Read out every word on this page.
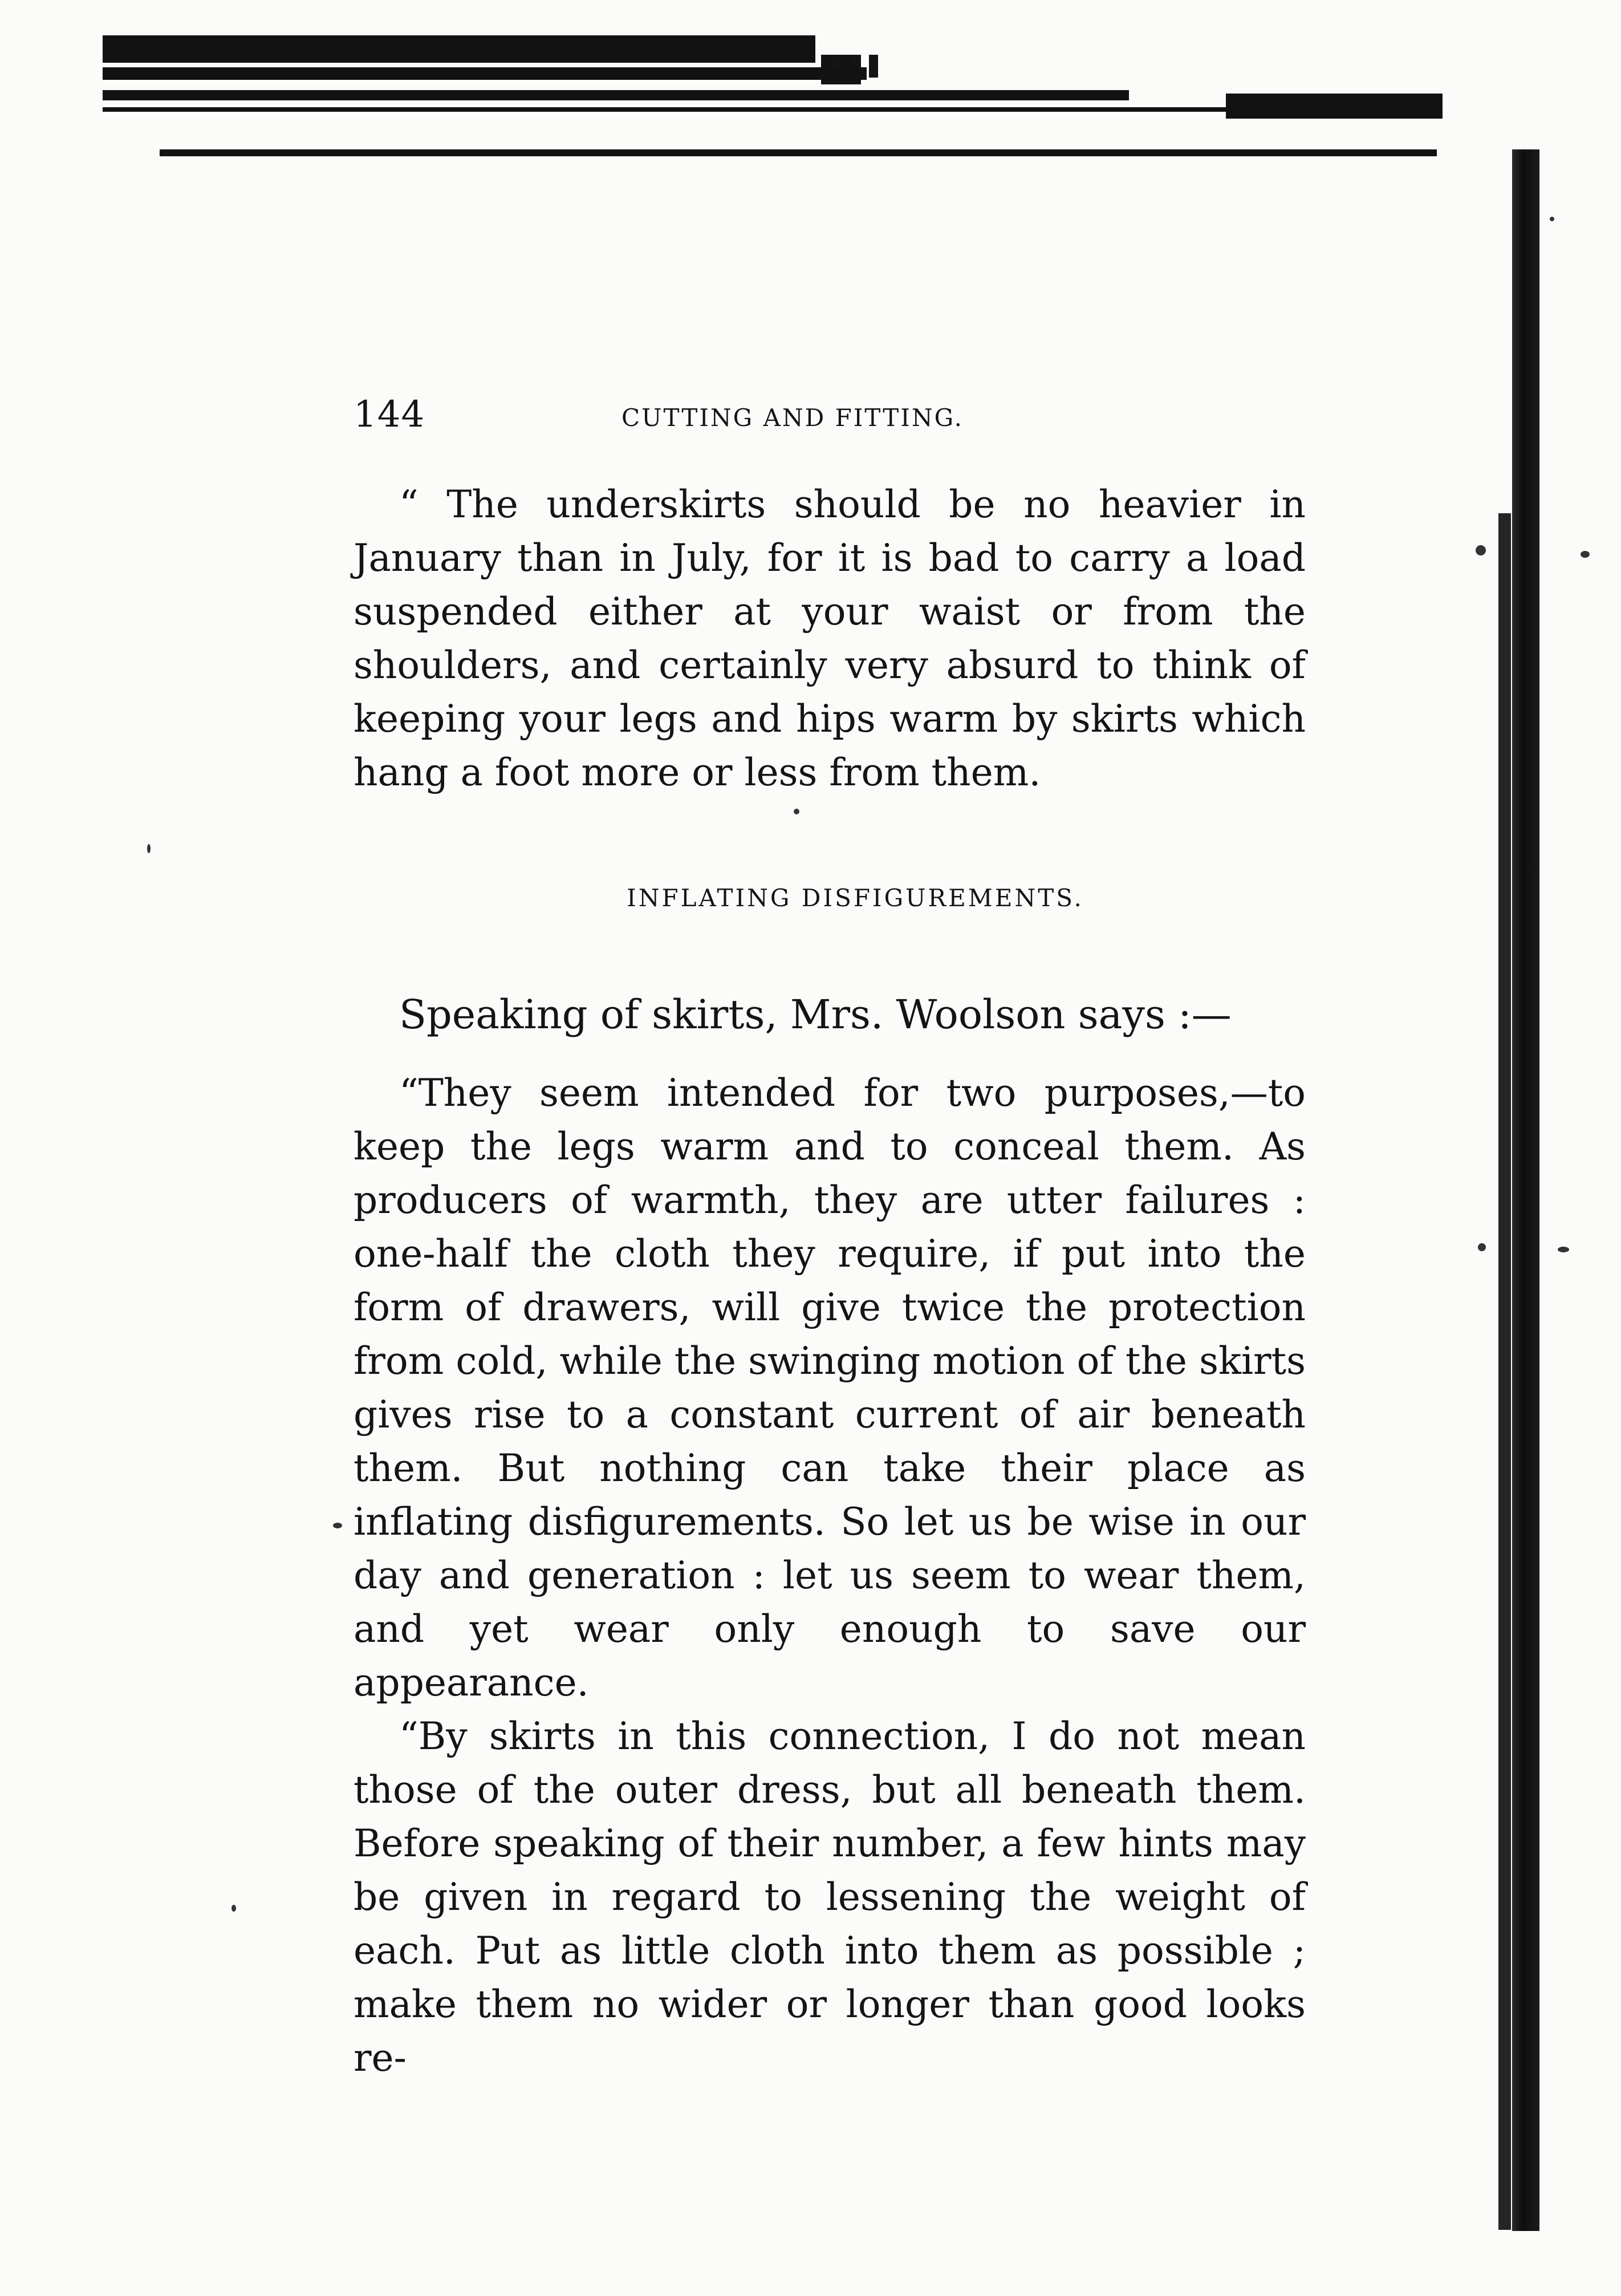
144	CUTTING AND FITTING.

“ The underskirts should be no heavier in January than in July, for it is bad to carry a load suspended either at your waist or from the shoulders, and certainly very absurd to think of keeping your legs and hips warm by skirts which hang a foot more or less from them.

INFLATING DISFIGUREMENTS.
Speaking of skirts, Mrs. Woolson says :—

“They seem intended for two purposes,—to keep the legs warm and to conceal them. As producers of warmth, they are utter failures : one-half the cloth they require, if put into the form of drawers, will give twice the protection from cold, while the swinging motion of the skirts gives rise to a constant current of air beneath them. But nothing can take their place as inflating disfigurements. So let us be wise in our day and generation : let us seem to wear them, and yet wear only enough to save our appearance.

“By skirts in this connection, I do not mean those of the outer dress, but all beneath them. Before speaking of their number, a few hints may be given in regard to lessening the weight of each. Put as little cloth into them as possible ; make them no wider or longer than good looks re-
